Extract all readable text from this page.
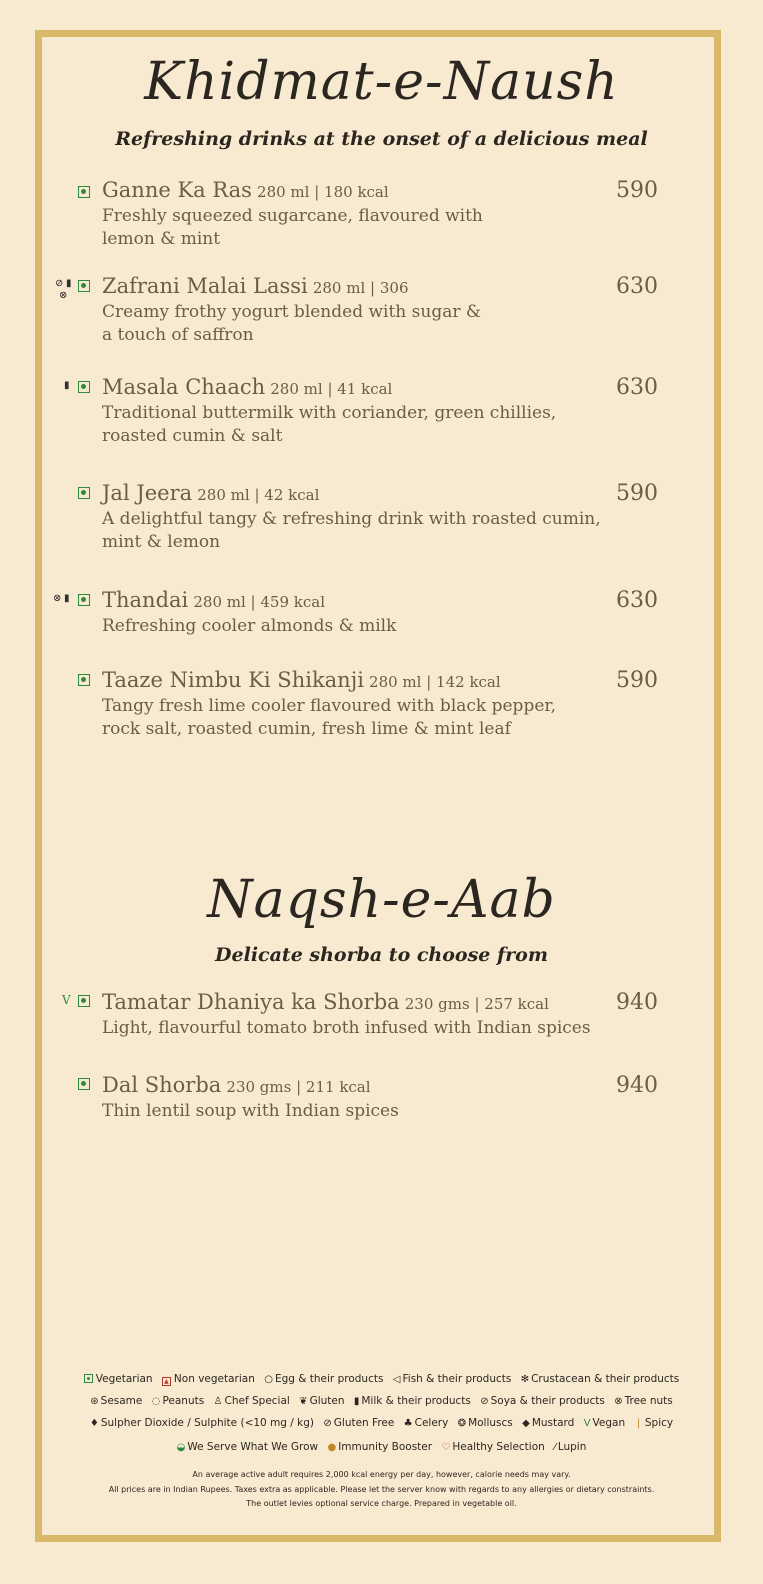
Khidmat-e-Naush
Refreshing drinks at the onset of a delicious meal
Ganne Ka Ras 280 ml | 180 kcal	590
Freshly squeezed sugarcane, flavoured with
lemon & mint
⊘ ▮
⊗ Zafrani Malai Lassi 280 ml | 306	630
Creamy frothy yogurt blended with sugar &
a touch of saffron
▮ Masala Chaach 280 ml | 41 kcal	630
Traditional buttermilk with coriander, green chillies,
roasted cumin & salt
Jal Jeera 280 ml | 42 kcal	590
A delightful tangy & refreshing drink with roasted cumin,
mint & lemon
⊗ ▮ Thandai 280 ml | 459 kcal	630
Refreshing cooler almonds & milk
Taaze Nimbu Ki Shikanji 280 ml | 142 kcal	590
Tangy fresh lime cooler flavoured with black pepper,
rock salt, roasted cumin, fresh lime & mint leaf
Naqsh-e-Aab
Delicate shorba to choose from
V Tamatar Dhaniya ka Shorba 230 gms | 257 kcal	940
Light, flavourful tomato broth infused with Indian spices
Dal Shorba 230 gms | 211 kcal	940
Thin lentil soup with Indian spices
Vegetarian ▲ Non vegetarian ○ Egg & their products ◁ Fish & their products ✻ Crustacean & their products
⊛ Sesame ◌ Peanuts ♙ Chef Special ❦ Gluten ▮ Milk & their products ⊘ Soya & their products ⊗ Tree nuts
♦ Sulpher Dioxide / Sulphite (<10 mg / kg) ⊘ Gluten Free ♣ Celery ❂ Molluscs ◆ Mustard V Vegan ❘ Spicy
◒ We Serve What We Grow ● Immunity Booster ♡ Healthy Selection ⁄ Lupin
An average active adult requires 2,000 kcal energy per day, however, calorie needs may vary.
All prices are in Indian Rupees. Taxes extra as applicable. Please let the server know with regards to any allergies or dietary constraints.
The outlet levies optional service charge. Prepared in vegetable oil.
